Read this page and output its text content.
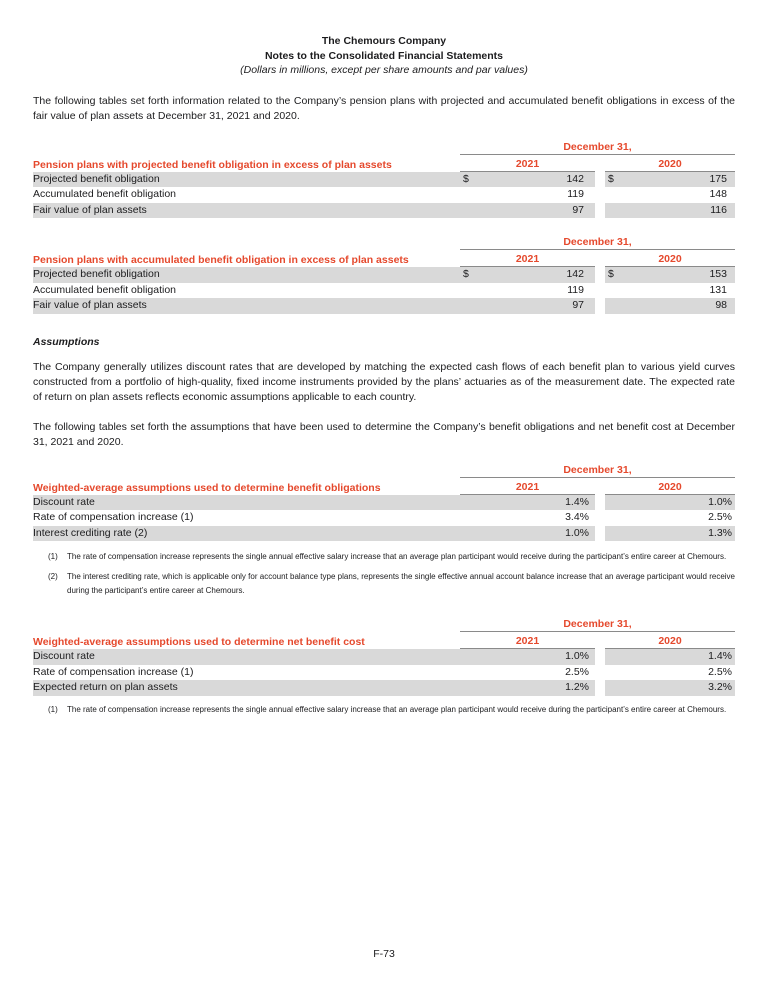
The Chemours Company
Notes to the Consolidated Financial Statements
(Dollars in millions, except per share amounts and par values)

The following tables set forth information related to the Company’s pension plans with projected and accumulated benefit obligations in excess of the fair value of plan assets at December 31, 2021 and 2020.

December 31,
Pension plans with projected benefit obligation in excess of plan assets	2021	2020
Projected benefit obligation	$	142	$	175
Accumulated benefit obligation	119	148
Fair value of plan assets	97	116
December 31,
Pension plans with accumulated benefit obligation in excess of plan assets	2021	2020
Projected benefit obligation	$	142	$	153
Accumulated benefit obligation	119	131
Fair value of plan assets	97	98

Assumptions

The Company generally utilizes discount rates that are developed by matching the expected cash flows of each benefit plan to various yield curves constructed from a portfolio of high-quality, fixed income instruments provided by the plans’ actuaries as of the measurement date. The expected rate of return on plan assets reflects economic assumptions applicable to each country.

The following tables set forth the assumptions that have been used to determine the Company’s benefit obligations and net benefit cost at December 31, 2021 and 2020.

December 31,
Weighted-average assumptions used to determine benefit obligations	2021	2020
Discount rate	1.4%	1.0%
Rate of compensation increase (1)	3.4%	2.5%
Interest crediting rate (2)	1.0%	1.3%
(1)	The rate of compensation increase represents the single annual effective salary increase that an average plan participant would receive during the participant’s entire career at Chemours.
(2)	The interest crediting rate, which is applicable only for account balance type plans, represents the single effective annual account balance increase that an average participant would receive during the participant’s entire career at Chemours.
December 31,
Weighted-average assumptions used to determine net benefit cost	2021	2020
Discount rate	1.0%	1.4%
Rate of compensation increase (1)	2.5%	2.5%
Expected return on plan assets	1.2%	3.2%
(1)	The rate of compensation increase represents the single annual effective salary increase that an average plan participant would receive during the participant’s entire career at Chemours.
F-73
